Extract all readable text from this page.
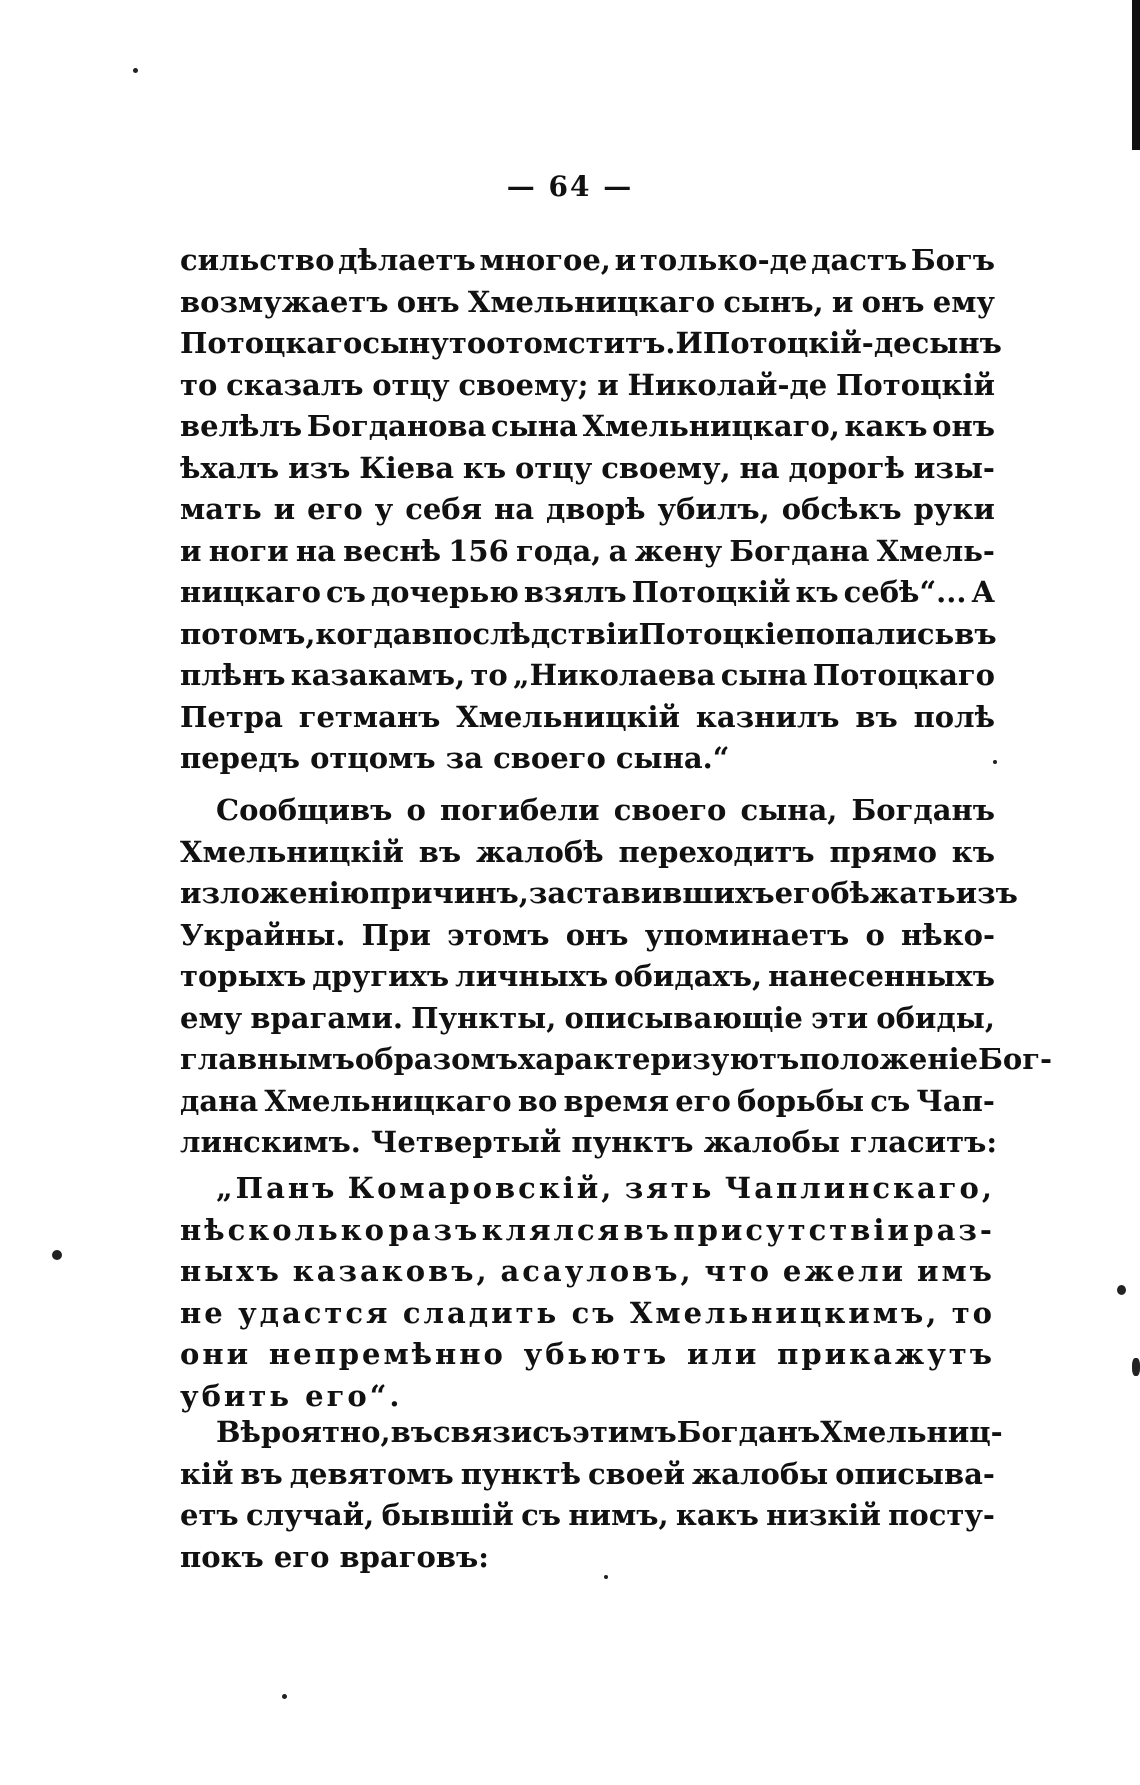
— 64 —
сильство дѣлаетъ многое, и только-де дастъ Богъ
возмужаетъ онъ Хмельницкаго сынъ, и онъ ему
Потоцкаго сыну то отомститъ. И Потоцкій-де сынъ
то сказалъ отцу своему; и Николай-де Потоцкій
велѣлъ Богданова сына Хмельницкаго, какъ онъ
ѣхалъ изъ Кіева къ отцу своему, на дорогѣ изы-
мать и его у себя на дворѣ убилъ, обсѣкъ руки
и ноги на веснѣ 156 года, а жену Богдана Хмель-
ницкаго съ дочерью взялъ Потоцкій къ себѣ“... А
потомъ, когда впослѣдствіи Потоцкіе попались въ
плѣнъ казакамъ, то „Николаева сына Потоцкаго
Петра гетманъ Хмельницкій казнилъ въ полѣ
передъ отцомъ за своего сына.“
Сообщивъ о погибели своего сына, Богданъ
Хмельницкій въ жалобѣ переходитъ прямо къ
изложенію причинъ, заставившихъ его бѣжать изъ
Украйны. При этомъ онъ упоминаетъ о нѣко-
торыхъ другихъ личныхъ обидахъ, нанесенныхъ
ему врагами. Пункты, описывающіе эти обиды,
главнымъ образомъ характеризуютъ положеніе Бог-
дана Хмельницкаго во время его борьбы съ Чап-
линскимъ. Четвертый пунктъ жалобы гласитъ:
„Панъ Комаровскій, зять Чаплинскаго,
нѣсколько разъ клялся въ присутствіи раз-
ныхъ казаковъ, асауловъ, что ежели имъ
не удастся сладить съ Хмельницкимъ, то
они непремѣнно убьютъ или прикажутъ
убить его“.
Вѣроятно, въ связи съ этимъ Богданъ Хмельниц-
кій въ девятомъ пунктѣ своей жалобы описыва-
етъ случай, бывшій съ нимъ, какъ низкій посту-
покъ его враговъ:
